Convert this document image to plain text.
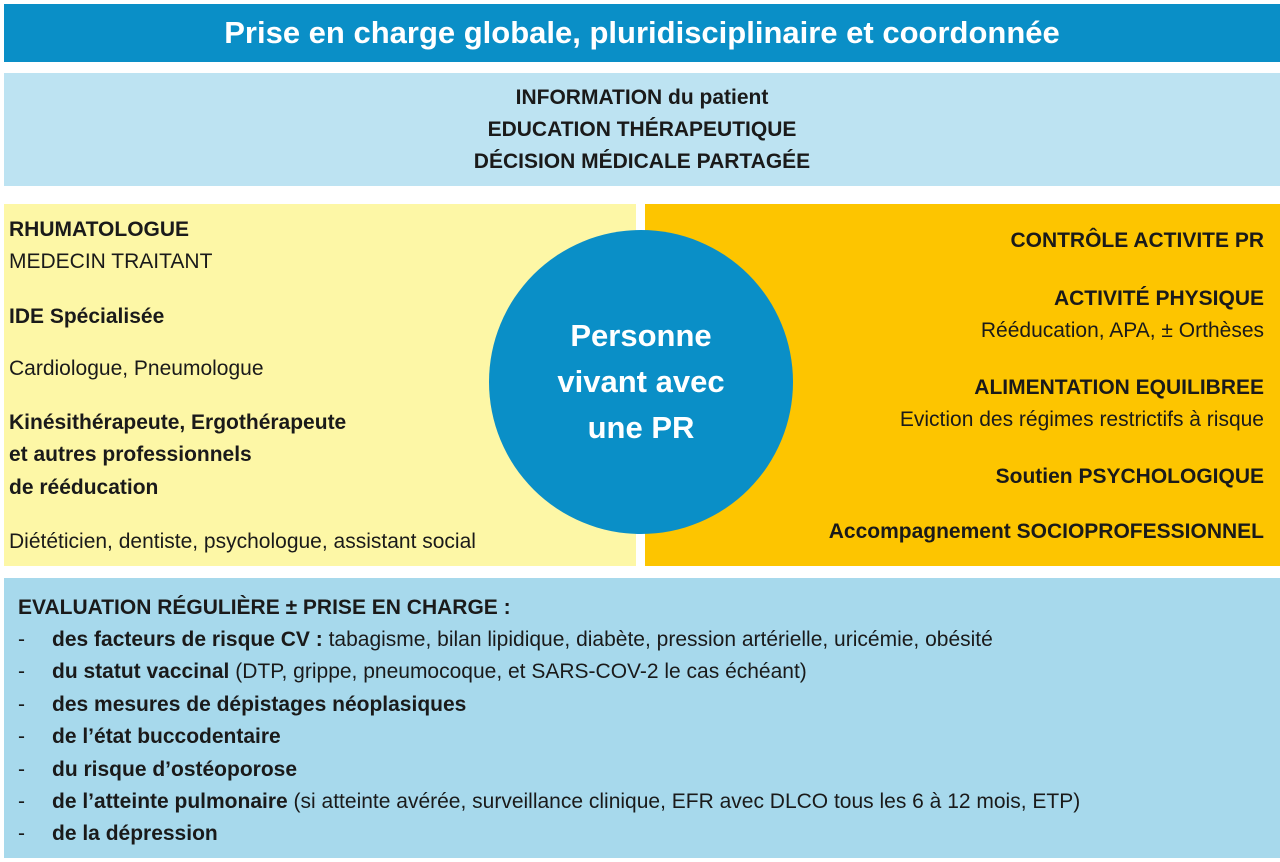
Prise en charge globale, pluridisciplinaire et coordonnée
INFORMATION du patient
EDUCATION THÉRAPEUTIQUE
DÉCISION MÉDICALE PARTAGÉE
RHUMATOLOGUE
MEDECIN TRAITANT
IDE Spécialisée
Cardiologue, Pneumologue
Kinésithérapeute, Ergothérapeute
et autres professionnels
de rééducation
Diététicien, dentiste, psychologue, assistant social
CONTRÔLE ACTIVITE PR
ACTIVITÉ PHYSIQUE
Rééducation, APA, ± Orthèses
ALIMENTATION EQUILIBREE
Eviction des régimes restrictifs à risque
Soutien PSYCHOLOGIQUE
Accompagnement SOCIOPROFESSIONNEL
Personne
vivant avec
une PR
EVALUATION RÉGULIÈRE ± PRISE EN CHARGE :
-	des facteurs de risque CV : tabagisme, bilan lipidique, diabète, pression artérielle, uricémie, obésité
-	du statut vaccinal (DTP, grippe, pneumocoque, et SARS-COV-2 le cas échéant)
-	des mesures de dépistages néoplasiques
-	de l’état buccodentaire
-	du risque d’ostéoporose
-	de l’atteinte pulmonaire (si atteinte avérée, surveillance clinique, EFR avec DLCO tous les 6 à 12 mois, ETP)
-	de la dépression
